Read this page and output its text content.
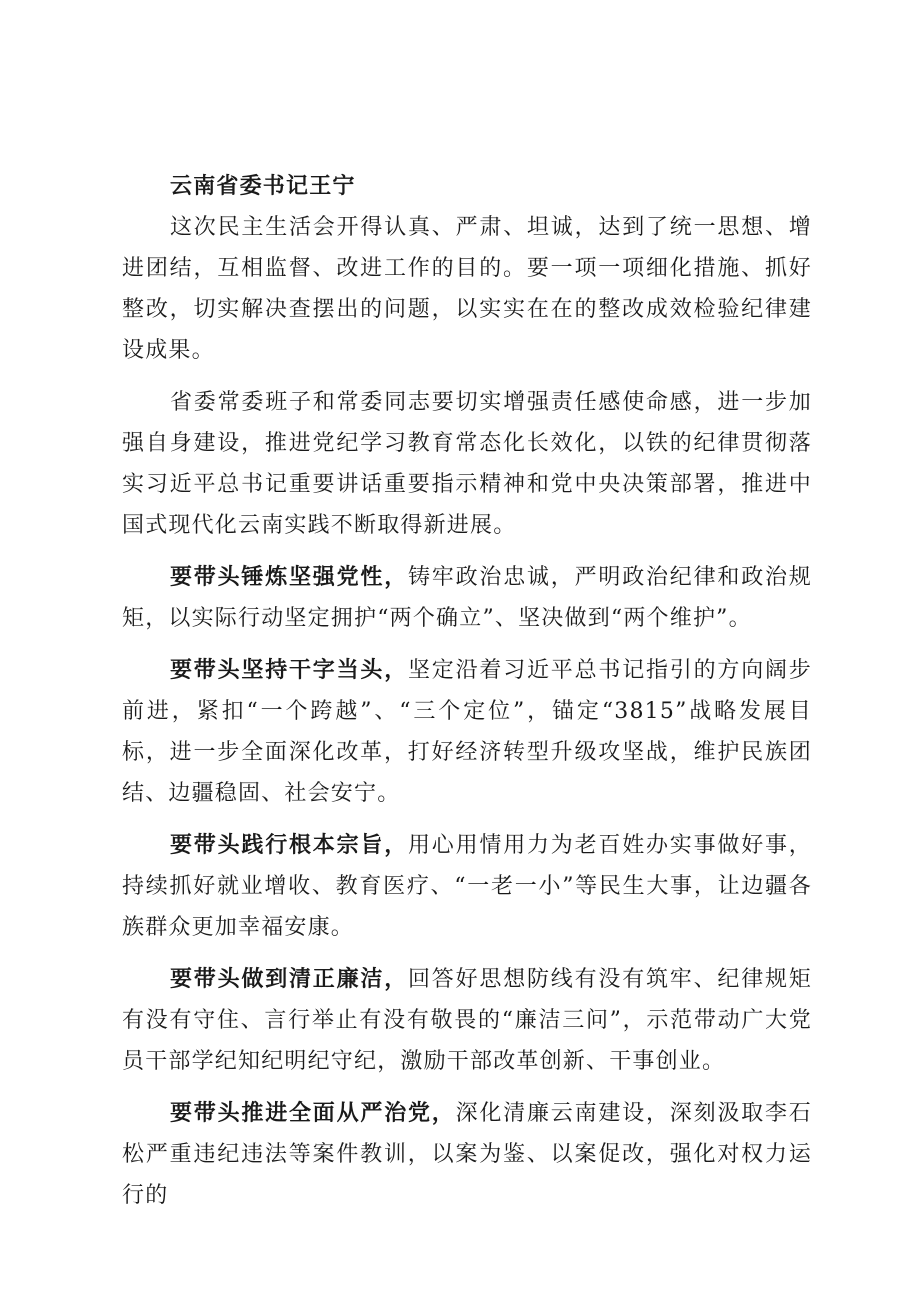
云南省委书记王宁

这次民主生活会开得认真、严肃、坦诚，达到了统一思想、增进团结，互相监督、改进工作的目的。要一项一项细化措施、抓好整改，切实解决查摆出的问题，以实实在在的整改成效检验纪律建设成果。

省委常委班子和常委同志要切实增强责任感使命感，进一步加强自身建设，推进党纪学习教育常态化长效化，以铁的纪律贯彻落实习近平总书记重要讲话重要指示精神和党中央决策部署，推进中国式现代化云南实践不断取得新进展。

要带头锤炼坚强党性，铸牢政治忠诚，严明政治纪律和政治规矩，以实际行动坚定拥护“两个确立”、坚决做到“两个维护”。

要带头坚持干字当头，坚定沿着习近平总书记指引的方向阔步前进，紧扣“一个跨越”、“三个定位”，锚定“3815”战略发展目标，进一步全面深化改革，打好经济转型升级攻坚战，维护民族团结、边疆稳固、社会安宁。

要带头践行根本宗旨，用心用情用力为老百姓办实事做好事，持续抓好就业增收、教育医疗、“一老一小”等民生大事，让边疆各族群众更加幸福安康。

要带头做到清正廉洁，回答好思想防线有没有筑牢、纪律规矩有没有守住、言行举止有没有敬畏的“廉洁三问”，示范带动广大党员干部学纪知纪明纪守纪，激励干部改革创新、干事创业。

要带头推进全面从严治党，深化清廉云南建设，深刻汲取李石松严重违纪违法等案件教训，以案为鉴、以案促改，强化对权力运行的
